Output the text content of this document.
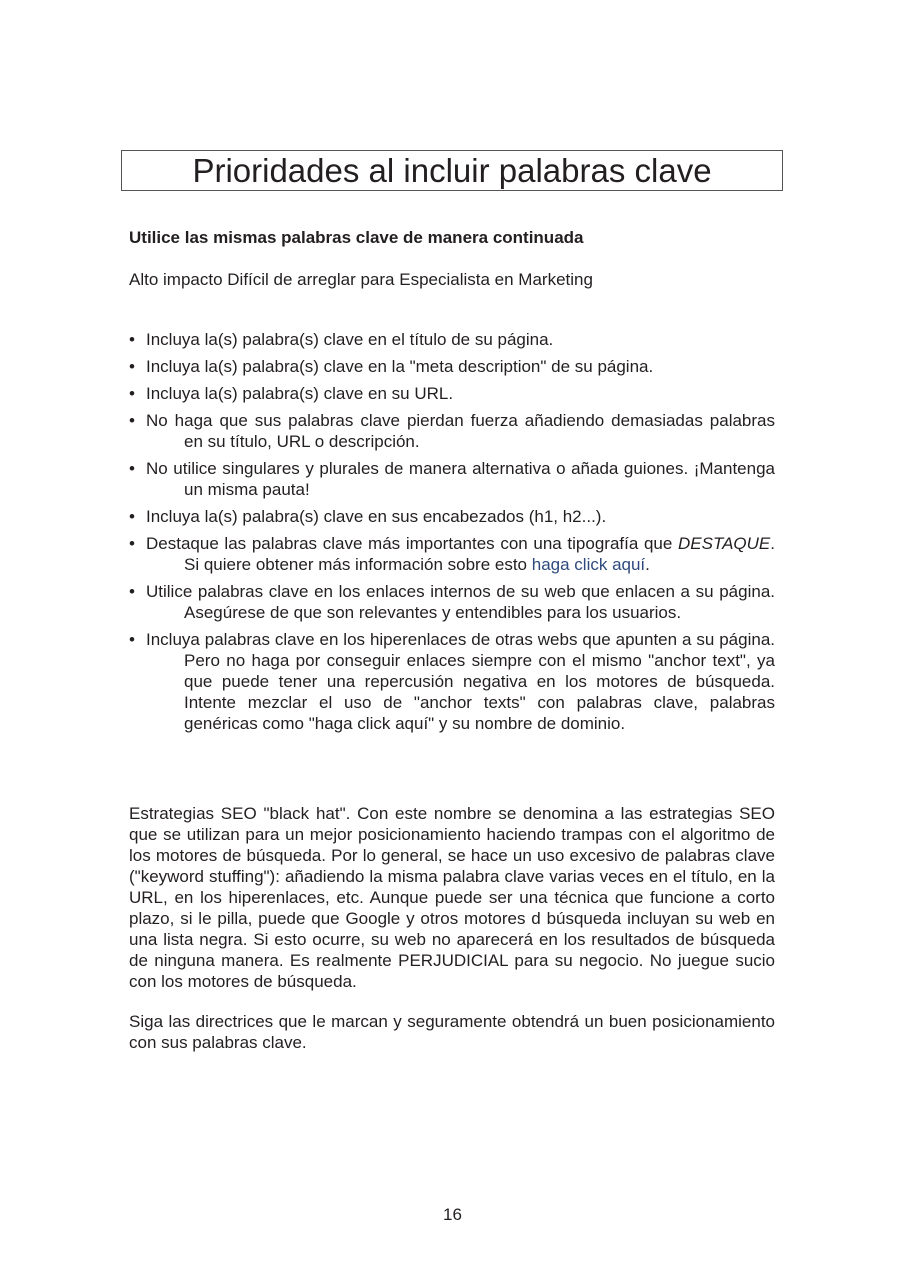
Prioridades al incluir palabras clave
Utilice las mismas palabras clave de manera continuada
Alto impacto Difícil de arreglar para Especialista en Marketing
• Incluya la(s) palabra(s) clave en el título de su página.
• Incluya la(s) palabra(s) clave en la "meta description" de su página.
• Incluya la(s) palabra(s) clave en su URL.
• No haga que sus palabras clave pierdan fuerza añadiendo demasiadas palabras en su título, URL o descripción.
• No utilice singulares y plurales de manera alternativa o añada guiones. ¡Mantenga un misma pauta!
• Incluya la(s) palabra(s) clave en sus encabezados (h1, h2...).
• Destaque las palabras clave más importantes con una tipografía que DESTAQUE. Si quiere obtener más información sobre esto haga click aquí.
• Utilice palabras clave en los enlaces internos de su web que enlacen a su página. Asegúrese de que son relevantes y entendibles para los usuarios.
• Incluya palabras clave en los hiperenlaces de otras webs que apunten a su página. Pero no haga por conseguir enlaces siempre con el mismo "anchor text", ya que puede tener una repercusión negativa en los motores de búsqueda. Intente mezclar el uso de "anchor texts" con palabras clave, palabras genéricas como "haga click aquí" y su nombre de dominio.

Estrategias SEO "black hat". Con este nombre se denomina a las estrategias SEO que se utilizan para un mejor posicionamiento haciendo trampas con el algoritmo de los motores de búsqueda. Por lo general, se hace un uso excesivo de palabras clave ("keyword stuffing"): añadiendo la misma palabra clave varias veces en el título, en la URL, en los hiperenlaces, etc. Aunque puede ser una técnica que funcione a corto plazo, si le pilla, puede que Google y otros motores d búsqueda incluyan su web en una lista negra. Si esto ocurre, su web no aparecerá en los resultados de búsqueda de ninguna manera. Es realmente PERJUDICIAL para su negocio. No juegue sucio con los motores de búsqueda.

Siga las directrices que le marcan y seguramente obtendrá un buen posicionamiento con sus palabras clave.

16
